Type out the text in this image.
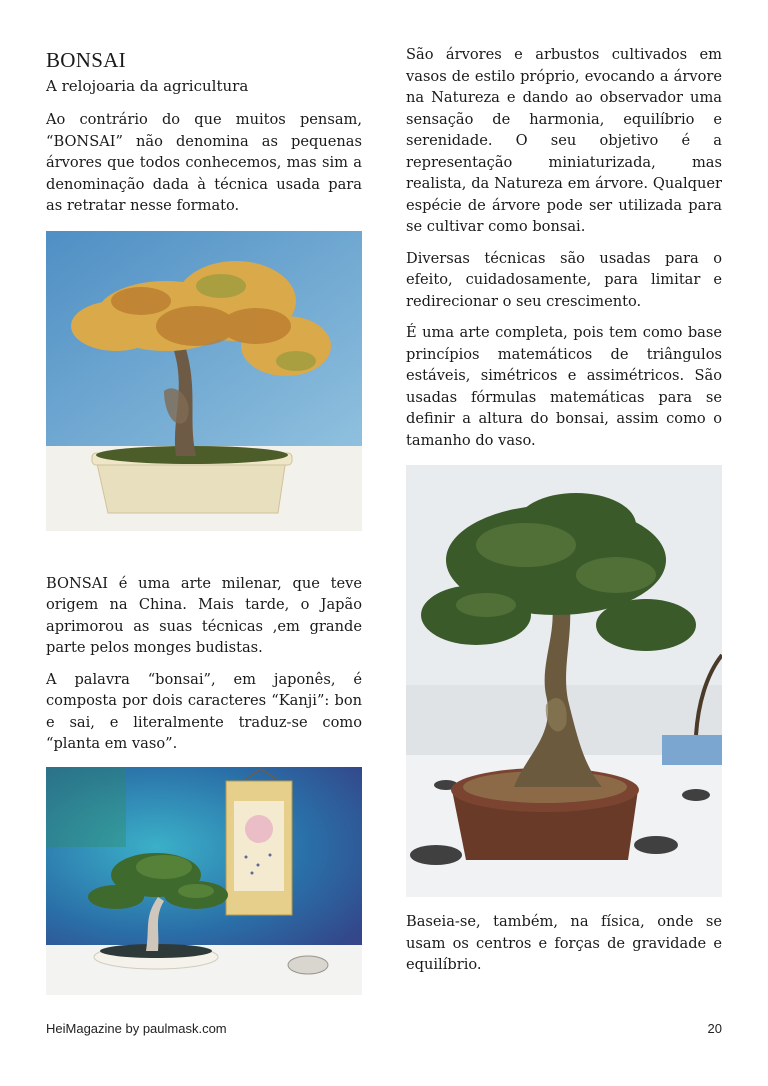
BONSAI
A relojoaria da agricultura

Ao contrário do que muitos pensam, “BONSAI” não denomina as pequenas árvores que todos conhecemos, mas sim a denominação dada à técnica usada para as retratar nesse formato.

BONSAI é uma arte milenar, que teve origem na China. Mais tarde, o Japão aprimorou as suas técnicas ,em grande parte pelos monges budistas.

A palavra “bonsai”, em japonês, é composta por dois caracteres “Kanji”: bon e sai, e literalmente traduz-se como “planta em vaso”.

São árvores e arbustos cultivados em vasos de estilo próprio, evocando a árvore na Natureza e dando ao observador uma sensação de harmonia, equilíbrio e serenidade. O seu objetivo é a representação miniaturizada, mas realista, da Natureza em árvore. Qualquer espécie de árvore pode ser utilizada para se cultivar como bonsai.

Diversas técnicas são usadas para o efeito, cuidadosamente, para limitar e redirecionar o seu crescimento.

É uma arte completa, pois tem como base princípios matemáticos de triângulos estáveis, simétricos e assimétricos. São usadas fórmulas matemáticas para se definir a altura do bonsai, assim como o tamanho do vaso.

Baseia-se, também, na física, onde se usam os centros e forças de gravidade e equilíbrio.

HeiMagazine by paulmask.com	20
